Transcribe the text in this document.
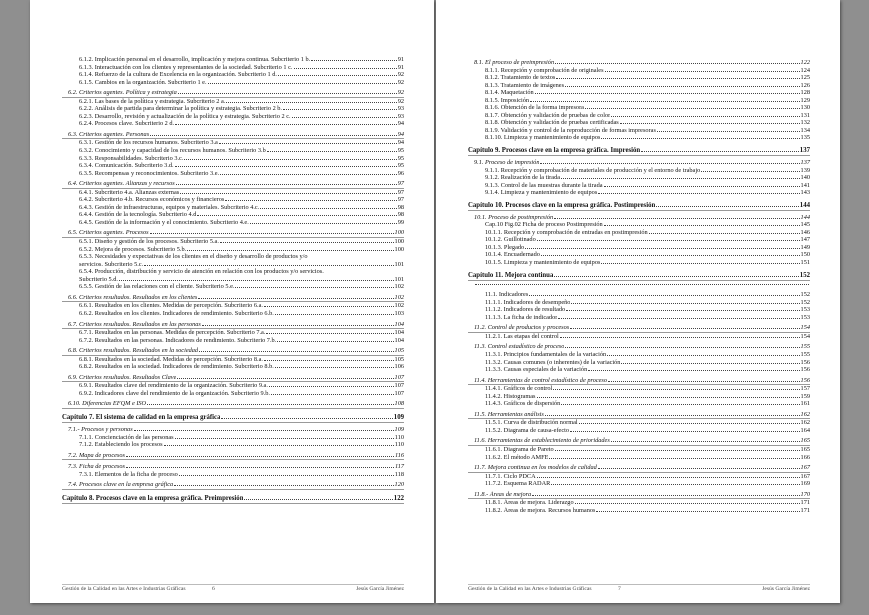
6.1.2. Implicación personal en el desarrollo, implicación y mejora continua. Subcriterio 1 b.	91
6.1.3. Interactuación con los clientes y representantes de la sociedad. Subcriterio 1 c.	91
6.1.4. Refuerzo de la cultura de Excelencia en la organización. Subcriterio 1 d.	92
6.1.5. Cambios en la organización. Subcriterio 1 e.	92
6.2. Criterios agentes. Política y estrategia	92
6.2.1. Las bases de la política y estrategia. Subcriterio 2 a.	92
6.2.2. Análisis de partida para determinar la política y estrategia. Subcriterio 2 b.	93
6.2.3. Desarrollo, revisión y actualización de la política y estrategia. Subcriterio 2 c.	93
6.2.4. Procesos clave. Subcriterio 2 d.	94
6.3. Criterios agentes. Personas	94
6.3.1. Gestión de los recursos humanos. Subcriterio 3.a	94
6.3.2. Conocimiento y capacidad de los recursos humanos. Subcriterio 3.b	95
6.3.3. Responsabilidades. Subcriterio 3.c.	95
6.3.4. Comunicación. Subcriterio 3.d.	95
6.3.5. Recompensas y reconocimientos. Subcriterio 3.e.	96
6.4. Criterios agentes. Alianzas y recursos	97
6.4.1. Subcriterio 4.a. Alianzas externas	97
6.4.2. Subcriterio 4.b. Recursos económicos y financieros	97
6.4.3. Gestión de infraestructuras, equipos y materiales. Subcriterio 4.c.	98
6.4.4. Gestión de la tecnología. Subcriterio 4.d	98
6.4.5. Gestión de la información y el conocimiento. Subcriterio 4.e.	99
6.5. Criterios agentes. Procesos	100
6.5.1. Diseño y gestión de los procesos. Subcriterio 5.a.	100
6.5.2. Mejora de procesos. Subcriterio 5.b.	100
6.5.3. Necesidades y expectativas de los clientes en el diseño y desarrollo de productos y/o
servicios. Subcriterio 5.c.	101
6.5.4. Producción, distribución y servicio de atención en relación con los productos y/o servicios.
Subcriterio 5.d.	101
6.5.5. Gestión de las relaciones con el cliente. Subcriterio 5.e.	102
6.6. Criterios resultados. Resultados en los clientes	102
6.6.1. Resultados en los clientes. Medidas de percepción. Subcriterio 6.a.	102
6.6.2. Resultados en los clientes. Indicadores de rendimiento. Subcriterio 6.b.	103
6.7. Criterios resultados. Resultados en las personas	104
6.7.1. Resultados en las personas. Medidas de percepción. Subcriterio 7.a.	104
6.7.2. Resultados en las personas. Indicadores de rendimiento. Subcriterio 7.b.	104
6.8. Criterios resultados. Resultados en la sociedad	105
6.8.1. Resultados en la sociedad. Medidas de percepción. Subcriterio 8.a.	105
6.8.2. Resultados en la sociedad. Indicadores de rendimiento. Subcriterio 8.b.	106
6.9. Criterios resultados. Resultados Clave	107
6.9.1. Resultados clave del rendimiento de la organización. Subcriterio 9.a.	107
6.9.2. Indicadores clave del rendimiento de la organización. Subcriterio 9.b.	107
6.10. Diferencias EFQM e ISO	108
Capítulo 7. El sistema de calidad en la empresa gráfica	109
7.1.- Procesos y personas	109
7.1.1. Concienciación de las personas	110
7.1.2. Estableciendo los procesos	110
7.2. Mapa de procesos	116
7.3. Ficha de procesos	117
7.3.1. Elementos de la ficha de proceso	118
7.4. Procesos clave en la empresa gráfica	120
Capítulo 8. Procesos clave en la empresa gráfica. Preimpresión	122
Gestión de la Calidad en las Artes e Industrias Gráficas	6	Jesús García Jiménez
8.1. El proceso de preimpresión	122
8.1.1. Recepción y comprobación de originales	124
8.1.2. Tratamiento de textos	125
8.1.3. Tratamiento de imágenes	126
8.1.4. Maquetación	128
8.1.5. Imposición	129
8.1.6. Obtención de la forma impresora	130
8.1.7. Obtención y validación de pruebas de color	131
8.1.8. Obtención y validación de pruebas certificadas	132
8.1.9. Validación y control de la reproducción de formas impresoras	134
8.1.10. Limpieza y mantenimiento de equipos	135
Capítulo 9. Procesos clave en la empresa gráfica. Impresión	137
9.1. Proceso de impresión	137
9.1.1. Recepción y comprobación de materiales de producción y el entorno de trabajo	139
9.1.2. Realización de la tirada	140
9.1.3. Control de las muestras durante la tirada	141
9.1.4. Limpieza y mantenimiento de equipos	143
Capítulo 10. Procesos clave en la empresa gráfica. Postimpresión	144
10.1. Proceso de postimpresión	144
Cap.10 Fig.02 Ficha de proceso Postimpresión	145
10.1.1. Recepción y comprobación de entradas en postimpresión	146
10.1.2. Guillotinado	147
10.1.3. Plegado	149
10.1.4. Encuadernado	150
10.1.5. Limpieza y mantenimiento de equipos	151
Capítulo 11. Mejora continua	152
11.1. Indicadores	152
11.1.1. Indicadores de desempeño	152
11.1.2. Indicadores de resultado	153
11.1.3. La ficha de indicador	153
11.2. Control de productos y procesos	154
11.2.1. Las etapas del control	154
11.3. Control estadístico de proceso	155
11.3.1. Principios fundamentales de la variación	155
11.3.2. Causas comunes (o inherentes) de la variación	156
11.3.3. Causas especiales de la variación	156
11.4. Herramientas de control estadístico de proceso	156
11.4.1. Gráficos de control	157
11.4.2. Histogramas	159
11.4.3. Gráficos de dispersión	161
11.5. Herramientas análisis	162
11.5.1. Curva de distribución normal	162
11.5.2. Diagrama de causa-efecto	164
11.6. Herramientas de establecimiento de prioridades	165
11.6.1. Diagrama de Pareto	165
11.6.2. El método AMFE	166
11.7. Mejora continua en los modelos de calidad	167
11.7.1. Ciclo PDCA	167
11.7.2. Esquema RADAR	169
11.8.- Áreas de mejora	170
11.8.1. Áreas de mejora. Liderazgo	171
11.8.2. Áreas de mejora. Recursos humanos	171
Gestión de la Calidad en las Artes e Industrias Gráficas	7	Jesús García Jiménez
